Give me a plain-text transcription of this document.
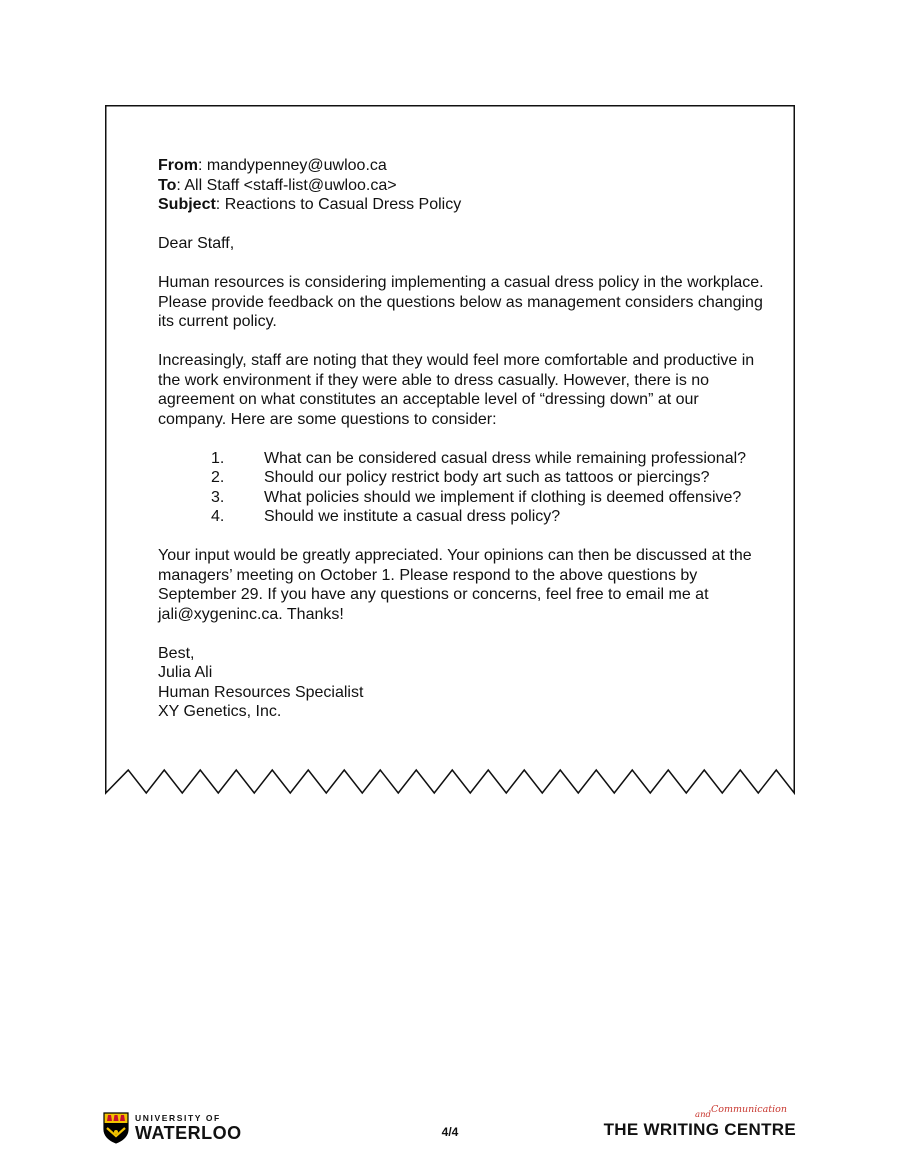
From: mandypenney@uwloo.ca
To: All Staff <staff-list@uwloo.ca>
Subject: Reactions to Casual Dress Policy

Dear Staff,

Human resources is considering implementing a casual dress policy in the workplace. Please provide feedback on the questions below as management considers changing its current policy.

Increasingly, staff are noting that they would feel more comfortable and productive in the work environment if they were able to dress casually. However, there is no agreement on what constitutes an acceptable level of “dressing down” at our company. Here are some questions to consider:

1. What can be considered casual dress while remaining professional?
2. Should our policy restrict body art such as tattoos or piercings?
3. What policies should we implement if clothing is deemed offensive?
4. Should we institute a casual dress policy?

Your input would be greatly appreciated. Your opinions can then be discussed at the managers’ meeting on October 1. Please respond to the above questions by September 29. If you have any questions or concerns, feel free to email me at jali@xygeninc.ca. Thanks!

Best,
Julia Ali
Human Resources Specialist
XY Genetics, Inc.
UNIVERSITY OF
WATERLOO	4/4
and Communication
THE WRITING CENTRE
